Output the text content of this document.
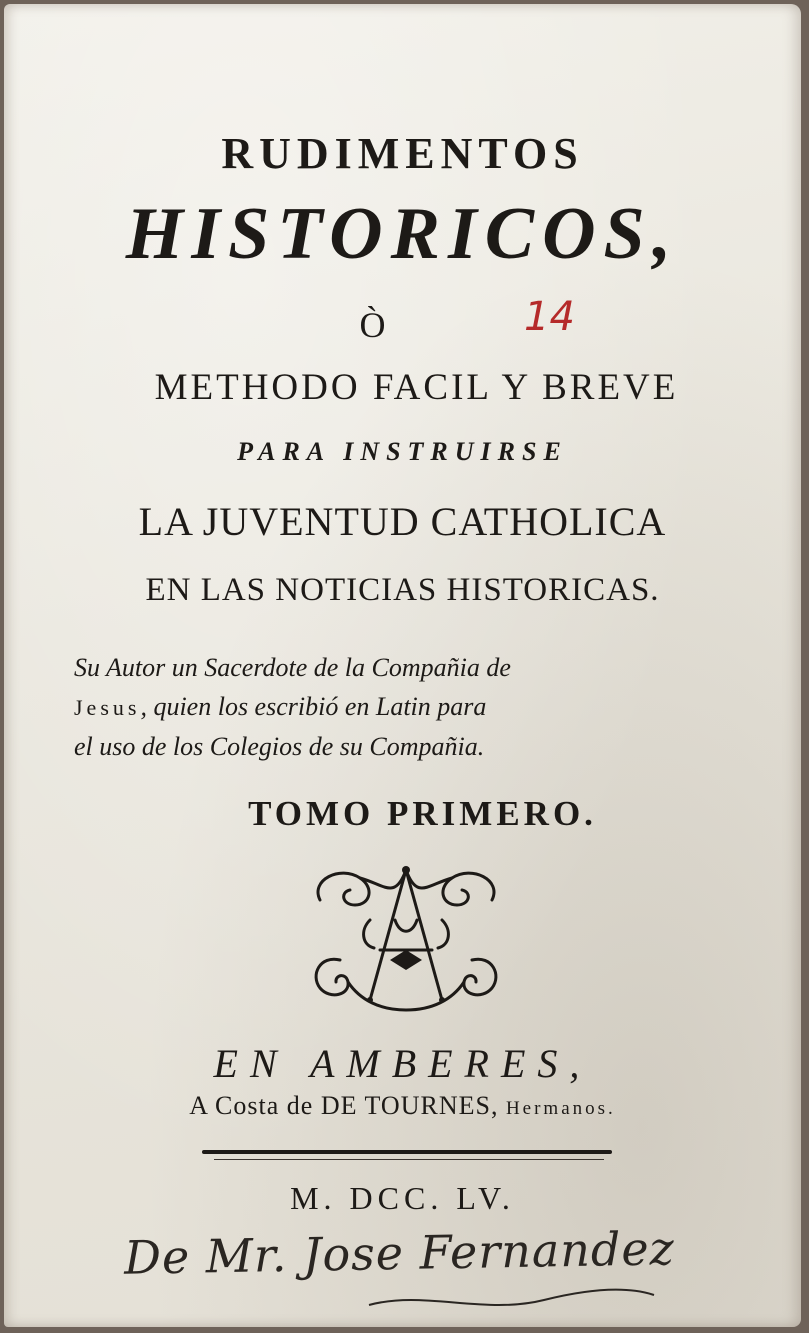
RUDIMENTOS
HISTORICOS,
Ò	14
METHODO FACIL Y BREVE
PARA INSTRUIRSE
LA JUVENTUD CATHOLICA
EN LAS NOTICIAS HISTORICAS.
Su Autor un Sacerdote de la Compañia de
Jesus, quien los escribió en Latin para
el uso de los Colegios de su Compañia.
TOMO PRIMERO.
EN AMBERES,
A Costa de DE TOURNES, Hermanos.
M. DCC. LV.
De Mr. Jose Fernandez
